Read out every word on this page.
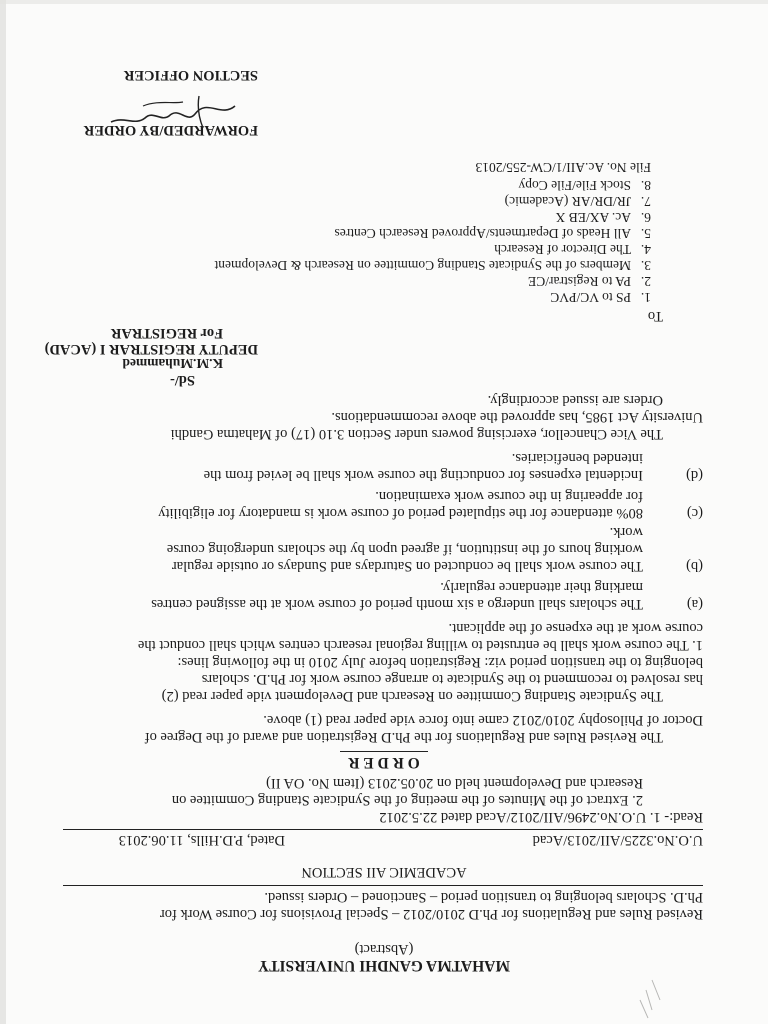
MAHATMA GANDHI UNIVERSITY
(Abstract)
Revised Rules and Regulations for Ph.D 2010/2012 – Special Provisions for Course Work for
Ph.D. Scholars belonging to transition period – Sanctioned – Orders issued.
ACADEMIC AII SECTION
U.O.No.3225/AII/2013/Acad
Dated, P.D.Hills, 11.06.2013
Read:- 1. U.O.No.2496/AII/2012/Acad dated 22.5.2012
2. Extract of the Minutes of the meeting of the Syndicate Standing Committee on
Research and Development held on 20.05.2013 (Item No. OA II)
O R D E R
The Revised Rules and Regulations for the Ph.D Registration and award of the Degree of
Doctor of Philosophy 2010/2012 came into force vide paper read (1) above.
The Syndicate Standing Committee on Research and Development vide paper read (2)
has resolved to recommend to the Syndicate to arrange course work for Ph.D. scholars
belonging to the transition period viz: Registration before July 2010 in the following lines:
1. The course work shall be entrusted to willing regional research centres which shall conduct the
course work at the expense of the applicant.
(a)
The scholars shall undergo a six month period of course work at the assigned centres
marking their attendance regularly.
(b)
The course work shall be conducted on Saturdays and Sundays or outside regular
working hours of the institution, if agreed upon by the scholars undergoing course
work.
(c)
80% attendance for the stipulated period of course work is mandatory for eligibility
for appearing in the course work examination.
(d)
Incidental expenses for conducting the course work shall be levied from the
intended beneficiaries.
The Vice Chancellor, exercising powers under Section 3.10 (17) of Mahatma Gandhi
University Act 1985, has approved the above recommendations.
Orders are issued accordingly.
Sd/-
K.M.Muhammed
DEPUTY REGISTRAR I (ACAD)
For REGISTRAR
To
1.
PS to VC/PVC
2.
PA to Registrar/CE
3.
Members of the Syndicate Standing Committee on Research & Development
4.
The Director of Research
5.
All Heads of Departments/Approved Research Centres
6.
Ac. AX/EB X
7.
JR/DR/AR (Academic)
8.
Stock File/File Copy
File No. Ac.AII/1/CW-255/2013
FORWARDED/BY ORDER
SECTION OFFICER
